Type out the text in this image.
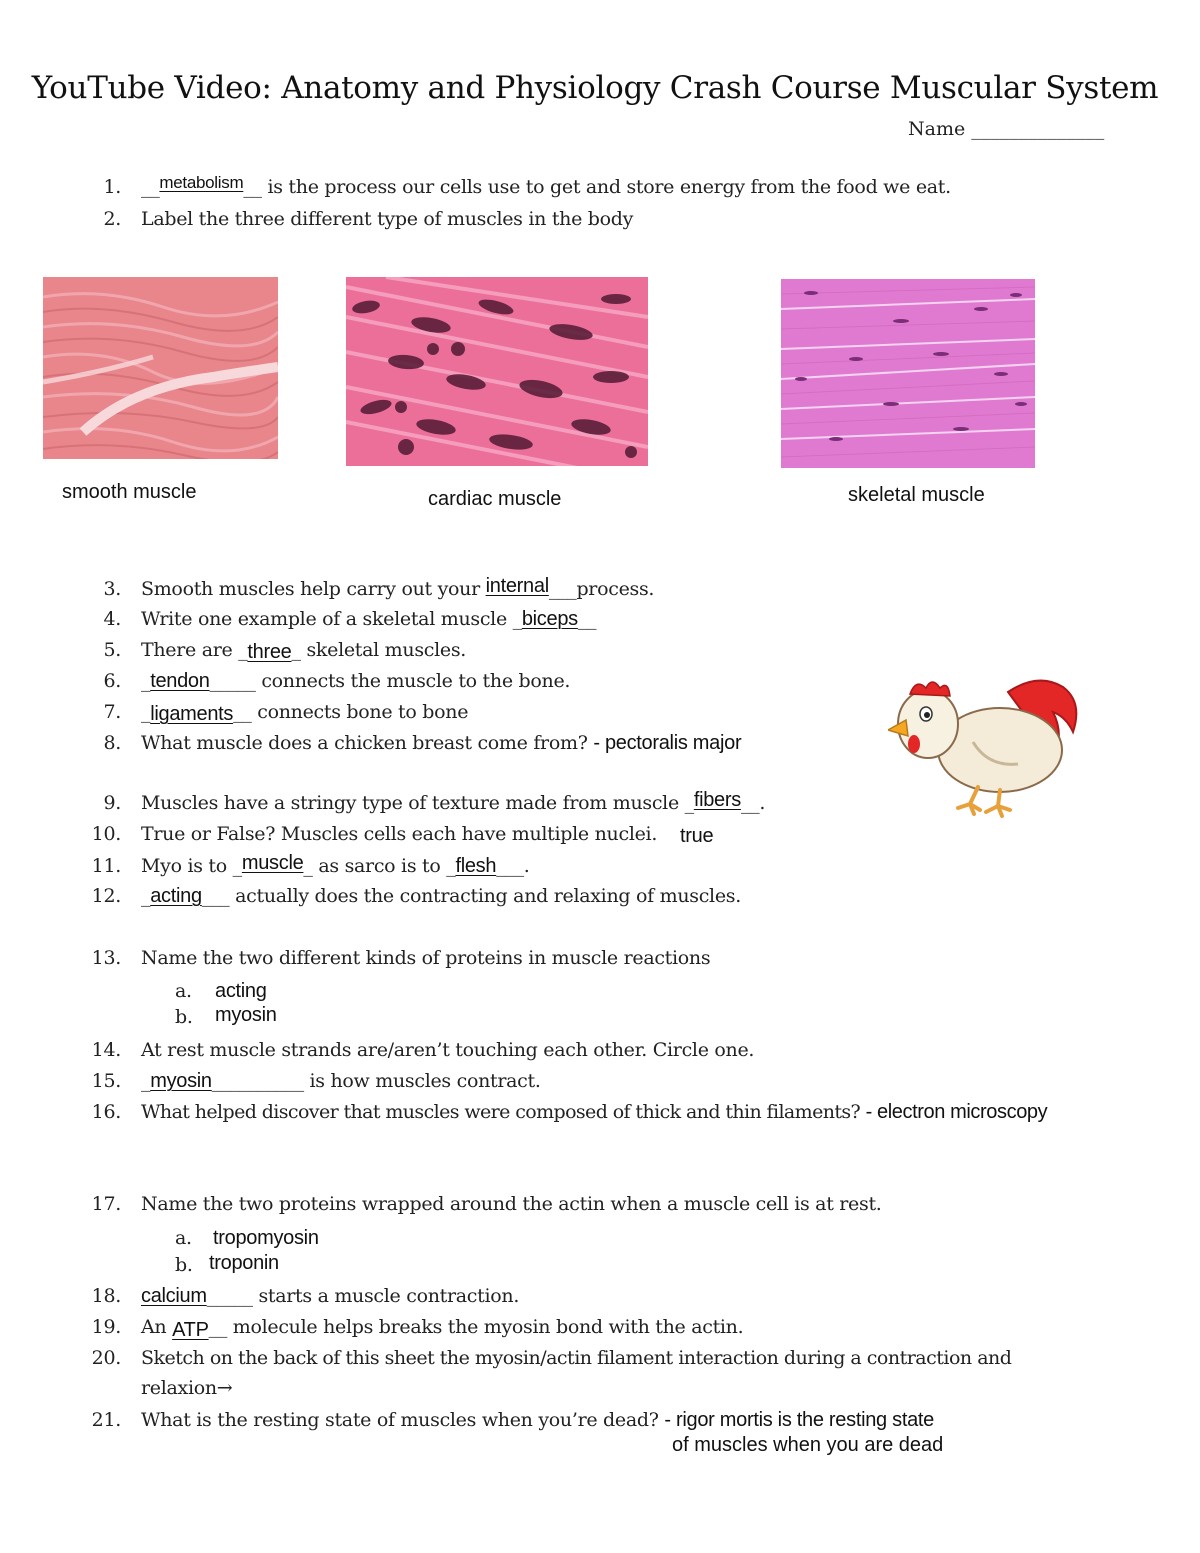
YouTube Video: Anatomy and Physiology Crash Course Muscular System
Name ______________
1. __metabolism__ is the process our cells use to get and store energy from the food we eat.
2. Label the three different type of muscles in the body
smooth muscle	cardiac muscle	skeletal muscle
3. Smooth muscles help carry out your internal___process.
4. Write one example of a skeletal muscle _biceps__
5. There are _three_ skeletal muscles.
6. _tendon_____ connects the muscle to the bone.
7. _ligaments__ connects bone to bone
8. What muscle does a chicken breast come from? - pectoralis major
9. Muscles have a stringy type of texture made from muscle _fibers__.
10. True or False? Muscles cells each have multiple nuclei. true
11. Myo is to _muscle_ as sarco is to _flesh___.
12. _acting___ actually does the contracting and relaxing of muscles.
13. Name the two different kinds of proteins in muscle reactions
a. acting
b. myosin
14. At rest muscle strands are/aren’t touching each other. Circle one.
15. _myosin__________ is how muscles contract.
16. What helped discover that muscles were composed of thick and thin filaments? - electron microscopy
17. Name the two proteins wrapped around the actin when a muscle cell is at rest.
a. tropomyosin
b. troponin
18. calcium_____ starts a muscle contraction.
19. An ATP__ molecule helps breaks the myosin bond with the actin.
20. Sketch on the back of this sheet the myosin/actin filament interaction during a contraction and
relaxion→
21. What is the resting state of muscles when you’re dead? - rigor mortis is the resting state
of muscles when you are dead
